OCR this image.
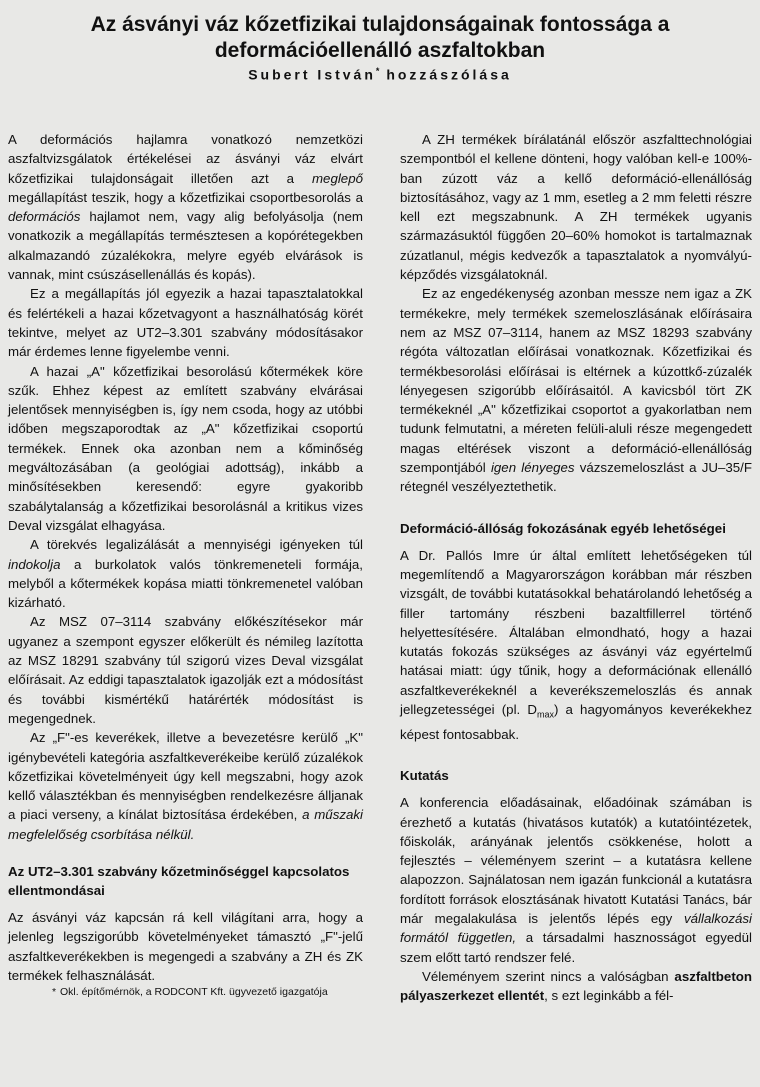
Az ásványi váz kőzetfizikai tulajdonságainak fontossága a
deformációellenálló aszfaltokban
Subert István* hozzászólása

A deformációs hajlamra vonatkozó nemzetközi aszfaltvizsgálatok értékelései az ásványi váz elvárt kőzetfizikai tulajdonságait illetően azt a meglepő megállapítást teszik, hogy a kőzetfizikai csoportbesorolás a deformációs hajlamot nem, vagy alig befolyásolja (nem vonatkozik a megállapítás természtesen a kopórétegekben alkalmazandó zúzalékokra, melyre egyéb elvárások is vannak, mint csúszásellenállás és kopás).

Ez a megállapítás jól egyezik a hazai tapasztalatokkal és felértékeli a hazai kőzetvagyont a használhatóság körét tekintve, melyet az UT2–3.301 szabvány módosításakor már érdemes lenne figyelembe venni.

A hazai „A" kőzetfizikai besorolású kőtermékek köre szűk. Ehhez képest az említett szabvány elvárásai jelentősek mennyiségben is, így nem csoda, hogy az utóbbi időben megszaporodtak az „A" kőzetfizikai csoportú termékek. Ennek oka azonban nem a kőminőség megváltozásában (a geológiai adottság), inkább a minősítésekben keresendő: egyre gyakoribb szabálytalanság a kőzetfizikai besorolásnál a kritikus vizes Deval vizsgálat elhagyása.

A törekvés legalizálását a mennyiségi igényeken túl indokolja a burkolatok valós tönkremeneteli formája, melyből a kőtermékek kopása miatti tönkremenetel valóban kizárható.

Az MSZ 07–3114 szabvány előkészítésekor már ugyanez a szempont egyszer előkerült és némileg lazította az MSZ 18291 szabvány túl szigorú vizes Deval vizsgálat előírásait. Az eddigi tapasztalatok igazolják ezt a módosítást és további kismértékű határérték módosítást is megengednek.

Az „F"-es keverékek, illetve a bevezetésre kerülő „K" igénybevételi kategória aszfaltkeverékeibe kerülő zúzalékok kőzetfizikai követelményeit úgy kell megszabni, hogy azok kellő választékban és mennyiségben rendelkezésre álljanak a piaci verseny, a kínálat biztosítása érdekében, a műszaki megfelelőség csorbítása nélkül.

Az UT2–3.301 szabvány kőzetminőséggel kapcsolatos ellentmondásai

Az ásványi váz kapcsán rá kell világítani arra, hogy a jelenleg legszigorúbb követelményeket támasztó „F"-jelű aszfaltkeverékekben is megengedi a szabvány a ZH és ZK termékek felhasználását.

* Okl. építőmérnök, a RODCONT Kft. ügyvezető igazgatója

A ZH termékek bírálatánál először aszfalttechnológiai szempontból el kellene dönteni, hogy valóban kell-e 100%-ban zúzott váz a kellő deformáció-ellenállóság biztosításához, vagy az 1 mm, esetleg a 2 mm feletti részre kell ezt megszabnunk. A ZH termékek ugyanis származásuktól függően 20–60% homokot is tartalmaznak zúzatlanul, mégis kedvezők a tapasztalatok a nyomvályú-képződés vizsgálatoknál.

Ez az engedékenység azonban messze nem igaz a ZK termékekre, mely termékek szemeloszlásának előírásaira nem az MSZ 07–3114, hanem az MSZ 18293 szabvány régóta változatlan előírásai vonatkoznak. Kőzetfizikai és termékbesorolási előírásai is eltérnek a kúzottkő-zúzalék lényegesen szigorúbb előírásaitól. A kavicsból tört ZK termékeknél „A" kőzetfizikai csoportot a gyakorlatban nem tudunk felmutatni, a méreten felüli-aluli része megengedett magas eltérések viszont a deformáció-ellenállóság szempontjából igen lényeges vázszemeloszlást a JU–35/F rétegnél veszélyeztethetik.

Deformáció-állóság fokozásának egyéb lehetőségei

A Dr. Pallós Imre úr által említett lehetőségeken túl megemlítendő a Magyarországon korábban már részben vizsgált, de további kutatásokkal behatárolandó lehetőség a filler tartomány részbeni bazaltfillerrel történő helyettesítésére. Általában elmondható, hogy a hazai kutatás fokozás szükséges az ásványi váz egyértelmű hatásai miatt: úgy tűnik, hogy a deformációnak ellenálló aszfaltkeverékeknél a keverékszemeloszlás és annak jellegzetességei (pl. $D_{max}$) a hagyományos keverékekhez képest fontosabbak.

Kutatás

A konferencia előadásainak, előadóinak számában is érezhető a kutatás (hivatásos kutatók) a kutatóintézetek, főiskolák, arányának jelentős csökkenése, holott a fejlesztés – véleményem szerint – a kutatásra kellene alapozzon. Sajnálatosan nem igazán funkcionál a kutatásra fordított források elosztásának hivatott Kutatási Tanács, bár már megalakulása is jelentős lépés egy vállalkozási formától független, a társadalmi hasznosságot egyedül szem előtt tartó rendszer felé.

Véleményem szerint nincs a valóságban aszfaltbeton pályaszerkezet ellentét, s ezt leginkább a fél-
